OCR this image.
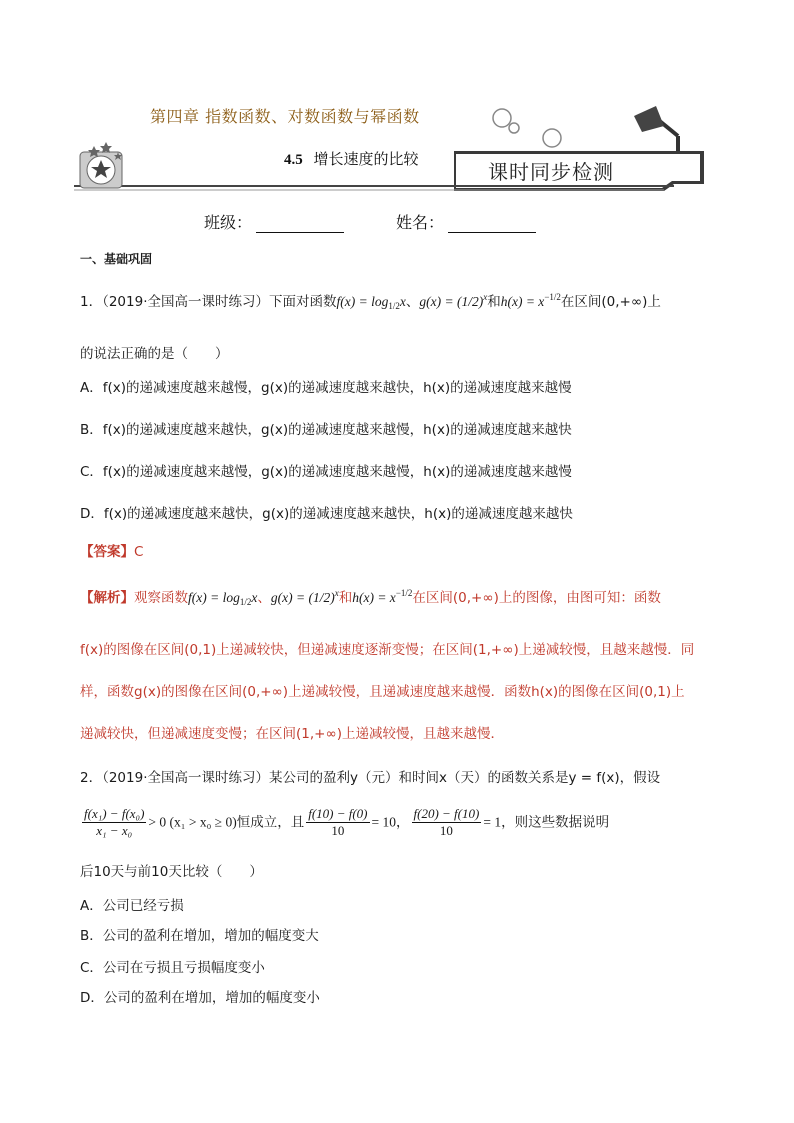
第四章 指数函数、对数函数与幂函数
4.5 增长速度的比较
课时同步检测
班级：	姓名：
一、基础巩固
1．（2019·全国高一课时练习）下面对函数$f(x) = \log_{1/2}x$、$g(x) = (1/2)^x$和$h(x) = x^{-1/2}$在区间(0,+∞)上
的说法正确的是（　　）
A．f(x)的递减速度越来越慢，g(x)的递减速度越来越快，h(x)的递减速度越来越慢
B．f(x)的递减速度越来越快，g(x)的递减速度越来越慢，h(x)的递减速度越来越快
C．f(x)的递减速度越来越慢，g(x)的递减速度越来越慢，h(x)的递减速度越来越慢
D．f(x)的递减速度越来越快，g(x)的递减速度越来越快，h(x)的递减速度越来越快
【答案】C
【解析】观察函数$f(x) = \log_{1/2}x$、$g(x) = (1/2)^x$和$h(x) = x^{-1/2}$在区间(0,+∞)上的图像，由图可知：函数
f(x)的图像在区间(0,1)上递减较快，但递减速度逐渐变慢；在区间(1,+∞)上递减较慢，且越来越慢．同
样，函数g(x)的图像在区间(0,+∞)上递减较慢，且递减速度越来越慢．函数h(x)的图像在区间(0,1)上
递减较快，但递减速度变慢；在区间(1,+∞)上递减较慢，且越来越慢．
2．（2019·全国高一课时练习）某公司的盈利y（元）和时间x（天）的函数关系是y = f(x)，假设
$\frac{\text{f(x₁) − f(x₀)}}{\text{x₁ − x₀}} > 0$ (x₁ > x₀ ≥ 0)恒成立，且 $\frac{f(10) - f(0)}{10} = 10$， $\frac{f(20) - f(10)}{10} = 1$，则这些数据说明
后10天与前10天比较（　　）
A．公司已经亏损
B．公司的盈利在增加，增加的幅度变大
C．公司在亏损且亏损幅度变小
D．公司的盈利在增加，增加的幅度变小
